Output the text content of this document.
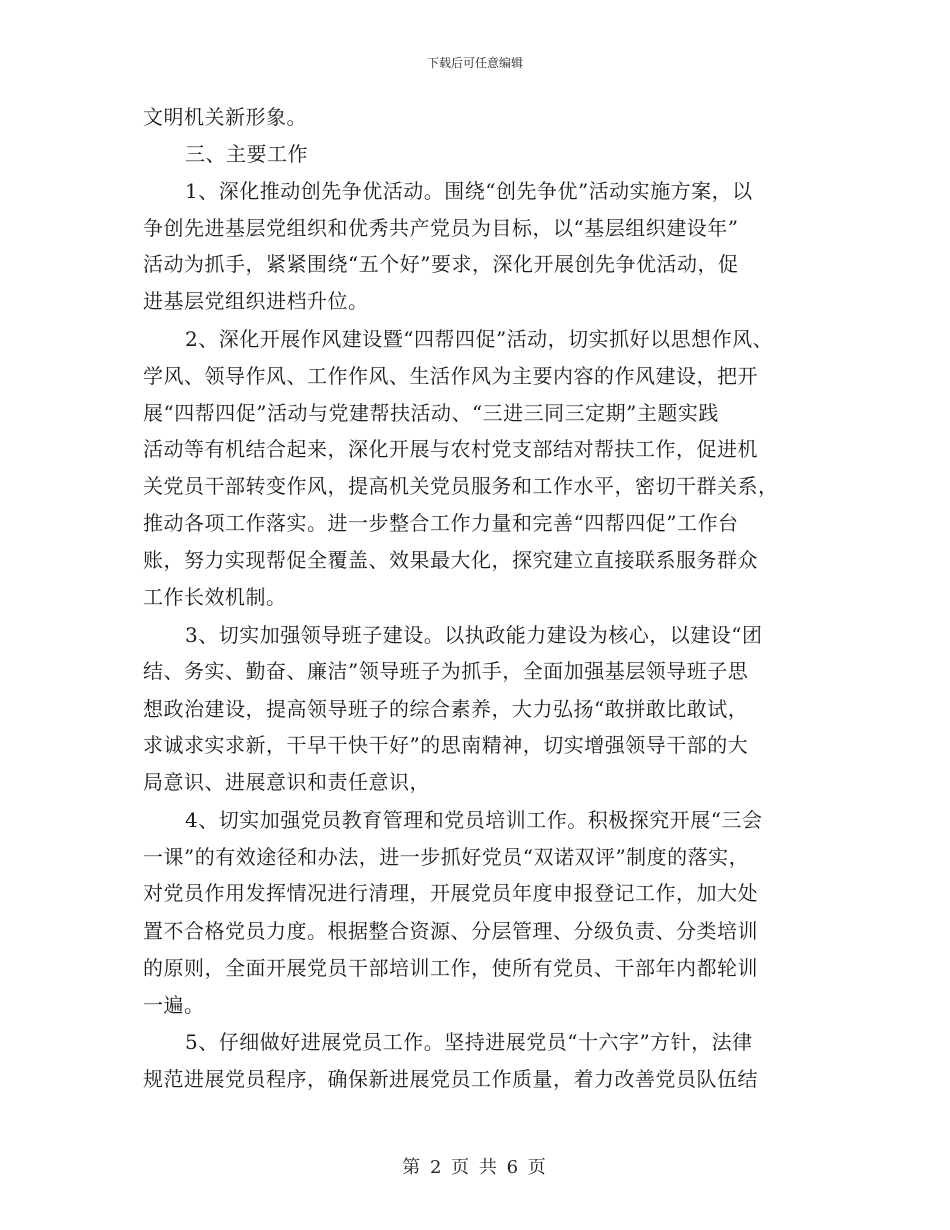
下载后可任意编辑
文明机关新形象。
三、主要工作
1、深化推动创先争优活动。围绕“创先争优”活动实施方案，以
争创先进基层党组织和优秀共产党员为目标，以“基层组织建设年”
活动为抓手，紧紧围绕“五个好”要求，深化开展创先争优活动，促
进基层党组织进档升位。
2、深化开展作风建设暨“四帮四促”活动，切实抓好以思想作风、
学风、领导作风、工作作风、生活作风为主要内容的作风建设，把开
展“四帮四促”活动与党建帮扶活动、“三进三同三定期”主题实践
活动等有机结合起来，深化开展与农村党支部结对帮扶工作，促进机
关党员干部转变作风，提高机关党员服务和工作水平，密切干群关系，
推动各项工作落实。进一步整合工作力量和完善“四帮四促”工作台
账，努力实现帮促全覆盖、效果最大化，探究建立直接联系服务群众
工作长效机制。
3、切实加强领导班子建设。以执政能力建设为核心，以建设“团
结、务实、勤奋、廉洁”领导班子为抓手，全面加强基层领导班子思
想政治建设，提高领导班子的综合素养，大力弘扬“敢拼敢比敢试，
求诚求实求新，干早干快干好”的思南精神，切实增强领导干部的大
局意识、进展意识和责任意识，
4、切实加强党员教育管理和党员培训工作。积极探究开展“三会
一课”的有效途径和办法，进一步抓好党员“双诺双评”制度的落实，
对党员作用发挥情况进行清理，开展党员年度申报登记工作，加大处
置不合格党员力度。根据整合资源、分层管理、分级负责、分类培训
的原则，全面开展党员干部培训工作，使所有党员、干部年内都轮训
一遍。
5、仔细做好进展党员工作。坚持进展党员“十六字”方针，法律
规范进展党员程序，确保新进展党员工作质量，着力改善党员队伍结
第 2 页 共 6 页
